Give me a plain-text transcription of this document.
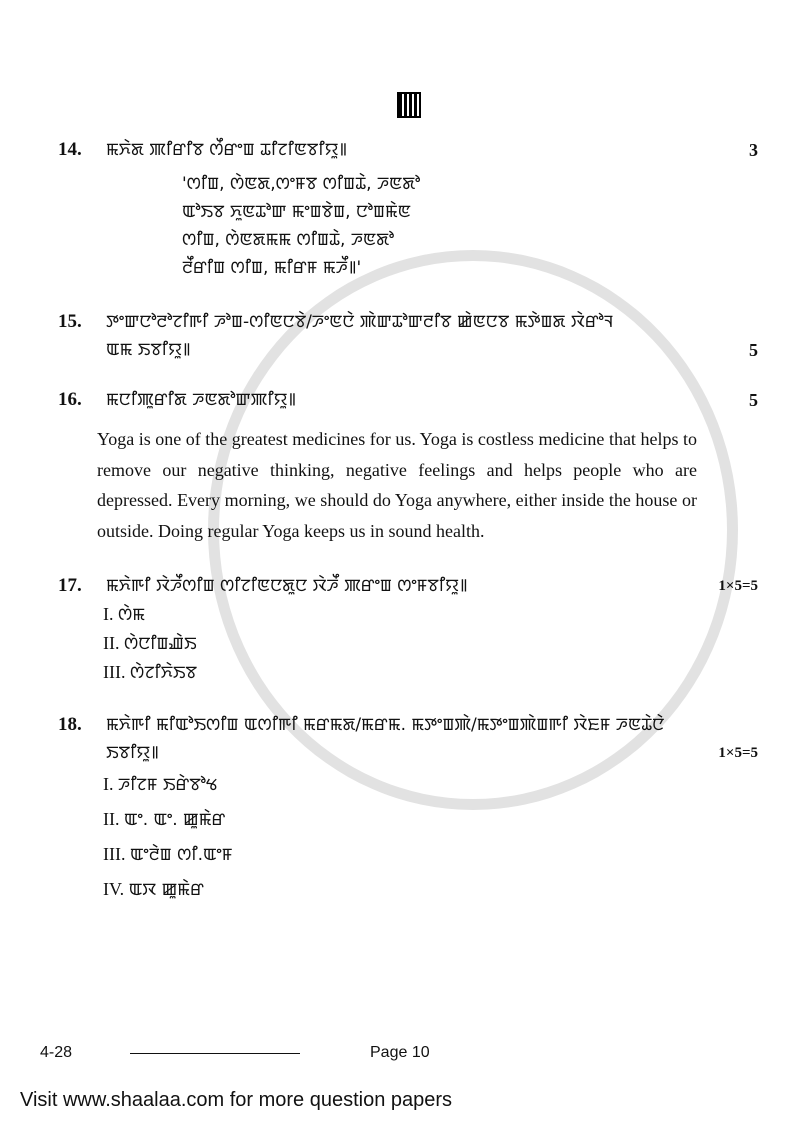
14.	ꯃꯈꯥꯗ ꯄꯤꯔꯤꯕ ꯁꯩꯔꯦꯡ ꯊꯤꯖꯤꯟꯕꯤꯌꯨ꯫	3
'ꯁꯤꯡ, ꯁꯥꯟꯗ,ꯁꯦꯝꯕ ꯁꯤꯡꯊꯥ, ꯍꯟꯗꯣ
ꯑꯣꯏꯕ ꯈꯨꯟꯊꯣꯛ ꯃꯦꯡꯕꯥꯡ, ꯅꯣꯡꯃꯥꯟ
ꯁꯤꯡ, ꯁꯥꯟꯗꯃꯃ ꯁꯤꯡꯊꯥ, ꯍꯟꯗꯣ
ꯂꯩꯔꯤꯡ ꯁꯤꯡ, ꯃꯤꯔꯝ ꯃꯍꯩ꯫'
15.	ꯇꯦꯛꯅꯣꯂꯣꯖꯤꯒꯤ ꯍꯣꯡ-ꯁꯤꯟꯅꯕꯥ/ꯍꯦꯟꯅꯥ ꯄꯥꯛꯊꯣꯛꯂꯤꯕ ꯀꯥꯟꯅꯕ ꯃꯇꯥꯡꯗ ꯋꯥꯔꯣꯜ
ꯑꯃ ꯏꯕꯤꯌꯨ꯫	5
16.	ꯃꯅꯤꯄꯨꯔꯤꯗ ꯍꯟꯗꯣꯛꯄꯤꯌꯨ꯫	5
Yoga is one of the greatest medicines for us. Yoga is costless medicine that helps to remove our negative thinking, negative feelings and helps people who are depressed. Every morning, we should do Yoga anywhere, either inside the house or outside. Doing regular Yoga keeps us in sound health.
17.	ꯃꯈꯥꯒꯤ ꯋꯥꯍꯩꯁꯤꯡ ꯁꯤꯖꯤꯟꯅꯗꯨꯅ ꯋꯥꯍꯩ ꯄꯔꯦꯡ ꯁꯦꯝꯕꯤꯌꯨ꯫	1×5=5
I. ꯁꯥꯃ
II. ꯁꯥꯅꯤꯡꯉꯥꯏ
III. ꯁꯥꯖꯤꯈꯥꯏꯕ
18.	ꯃꯈꯥꯒꯤ ꯃꯤꯑꯣꯏꯁꯤꯡ ꯑꯁꯤꯒꯤ ꯃꯔꯃꯗ/ꯃꯔꯃ. ꯃꯇꯦꯡꯄꯥ/ꯃꯇꯦꯡꯄꯥꯡꯒꯤ ꯋꯥꯐꯝ ꯍꯟꯊꯥꯅꯥ
ꯏꯕꯤꯌꯨ꯫	1×5=5
I. ꯍꯤꯖꯝ ꯏꯔꯥꯕꯣꯠ
II. ꯑꯦ. ꯑꯦ. ꯀꯨꯃꯥꯔ
III. ꯑꯦꯂꯥꯡ ꯁꯤ.ꯑꯦꯝ
IV. ꯑꯋ ꯀꯨꯃꯥꯔ
4-28	Page 10
Visit www.shaalaa.com for more question papers
